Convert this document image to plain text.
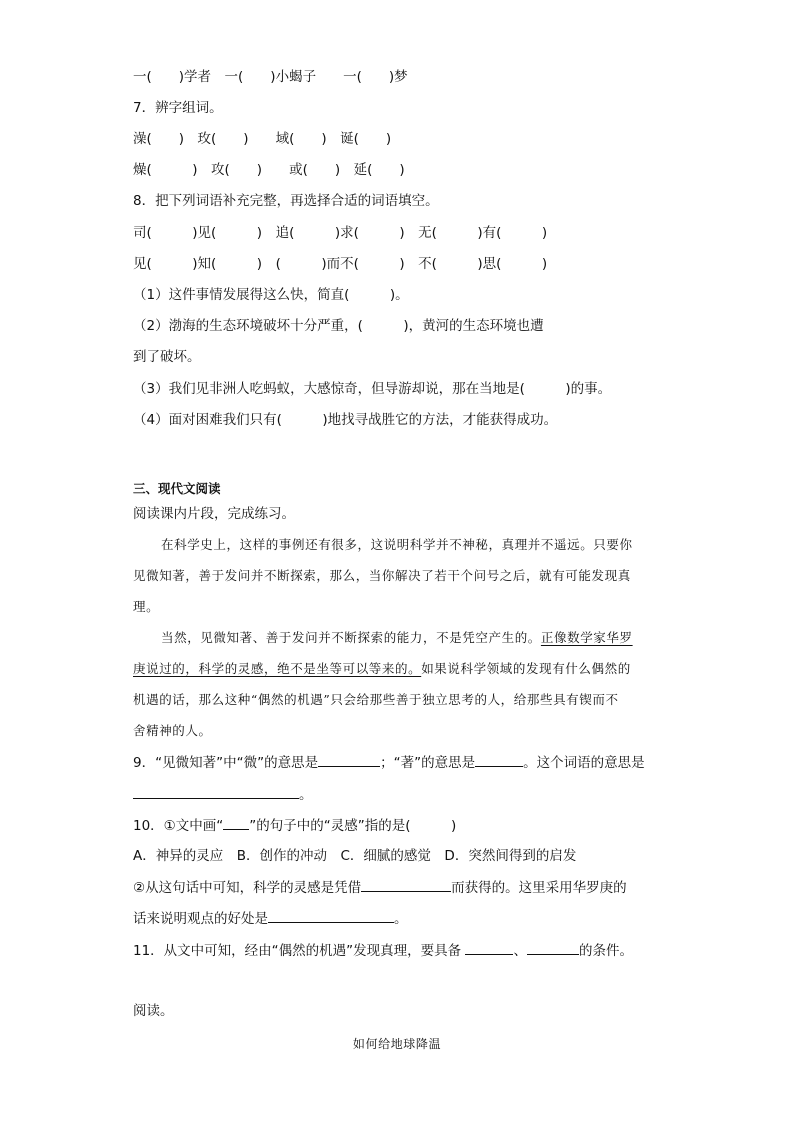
一(　　)学者　一(　　)小蝎子　　一(　　)梦
7．辨字组词。
澡(　　)　玫(　　)　　域(　　)　诞(　　)
燥(　　　)　攻(　　)　　或(　　)　延(　　)
8．把下列词语补充完整，再选择合适的词语填空。
司(　　　)见(　　　)　追(　　　)求(　　　)　无(　　　)有(　　　)
见(　　　)知(　　　)　(　　　)而不(　　　)　不(　　　)思(　　　)
（1）这件事情发展得这么快，简直(　　　)。
（2）渤海的生态环境破坏十分严重，(　　　)，黄河的生态环境也遭
到了破坏。
（3）我们见非洲人吃蚂蚁，大感惊奇，但导游却说，那在当地是(　　　)的事。
（4）面对困难我们只有(　　　)地找寻战胜它的方法，才能获得成功。
三、现代文阅读
阅读课内片段，完成练习。
在科学史上，这样的事例还有很多，这说明科学并不神秘，真理并不遥远。只要你
见微知著，善于发问并不断探索，那么，当你解决了若干个问号之后，就有可能发现真
理。
当然，见微知著、善于发问并不断探索的能力，不是凭空产生的。正像数学家华罗
庚说过的，科学的灵感，绝不是坐等可以等来的。如果说科学领域的发现有什么偶然的
机遇的话，那么这种“偶然的机遇”只会给那些善于独立思考的人，给那些具有锲而不
舍精神的人。
9．“见微知著”中“微”的意思是	；“著”的意思是	。这个词语的意思是
。
10．①文中画“ ”的句子中的“灵感”指的是(　　　)
A．神异的灵应　B．创作的冲动　C．细腻的感觉　D．突然间得到的启发
②从这句话中可知，科学的灵感是凭借	而获得的。这里采用华罗庚的
话来说明观点的好处是	。
11．从文中可知，经由“偶然的机遇”发现真理，要具备	、	的条件。
阅读。
如何给地球降温
